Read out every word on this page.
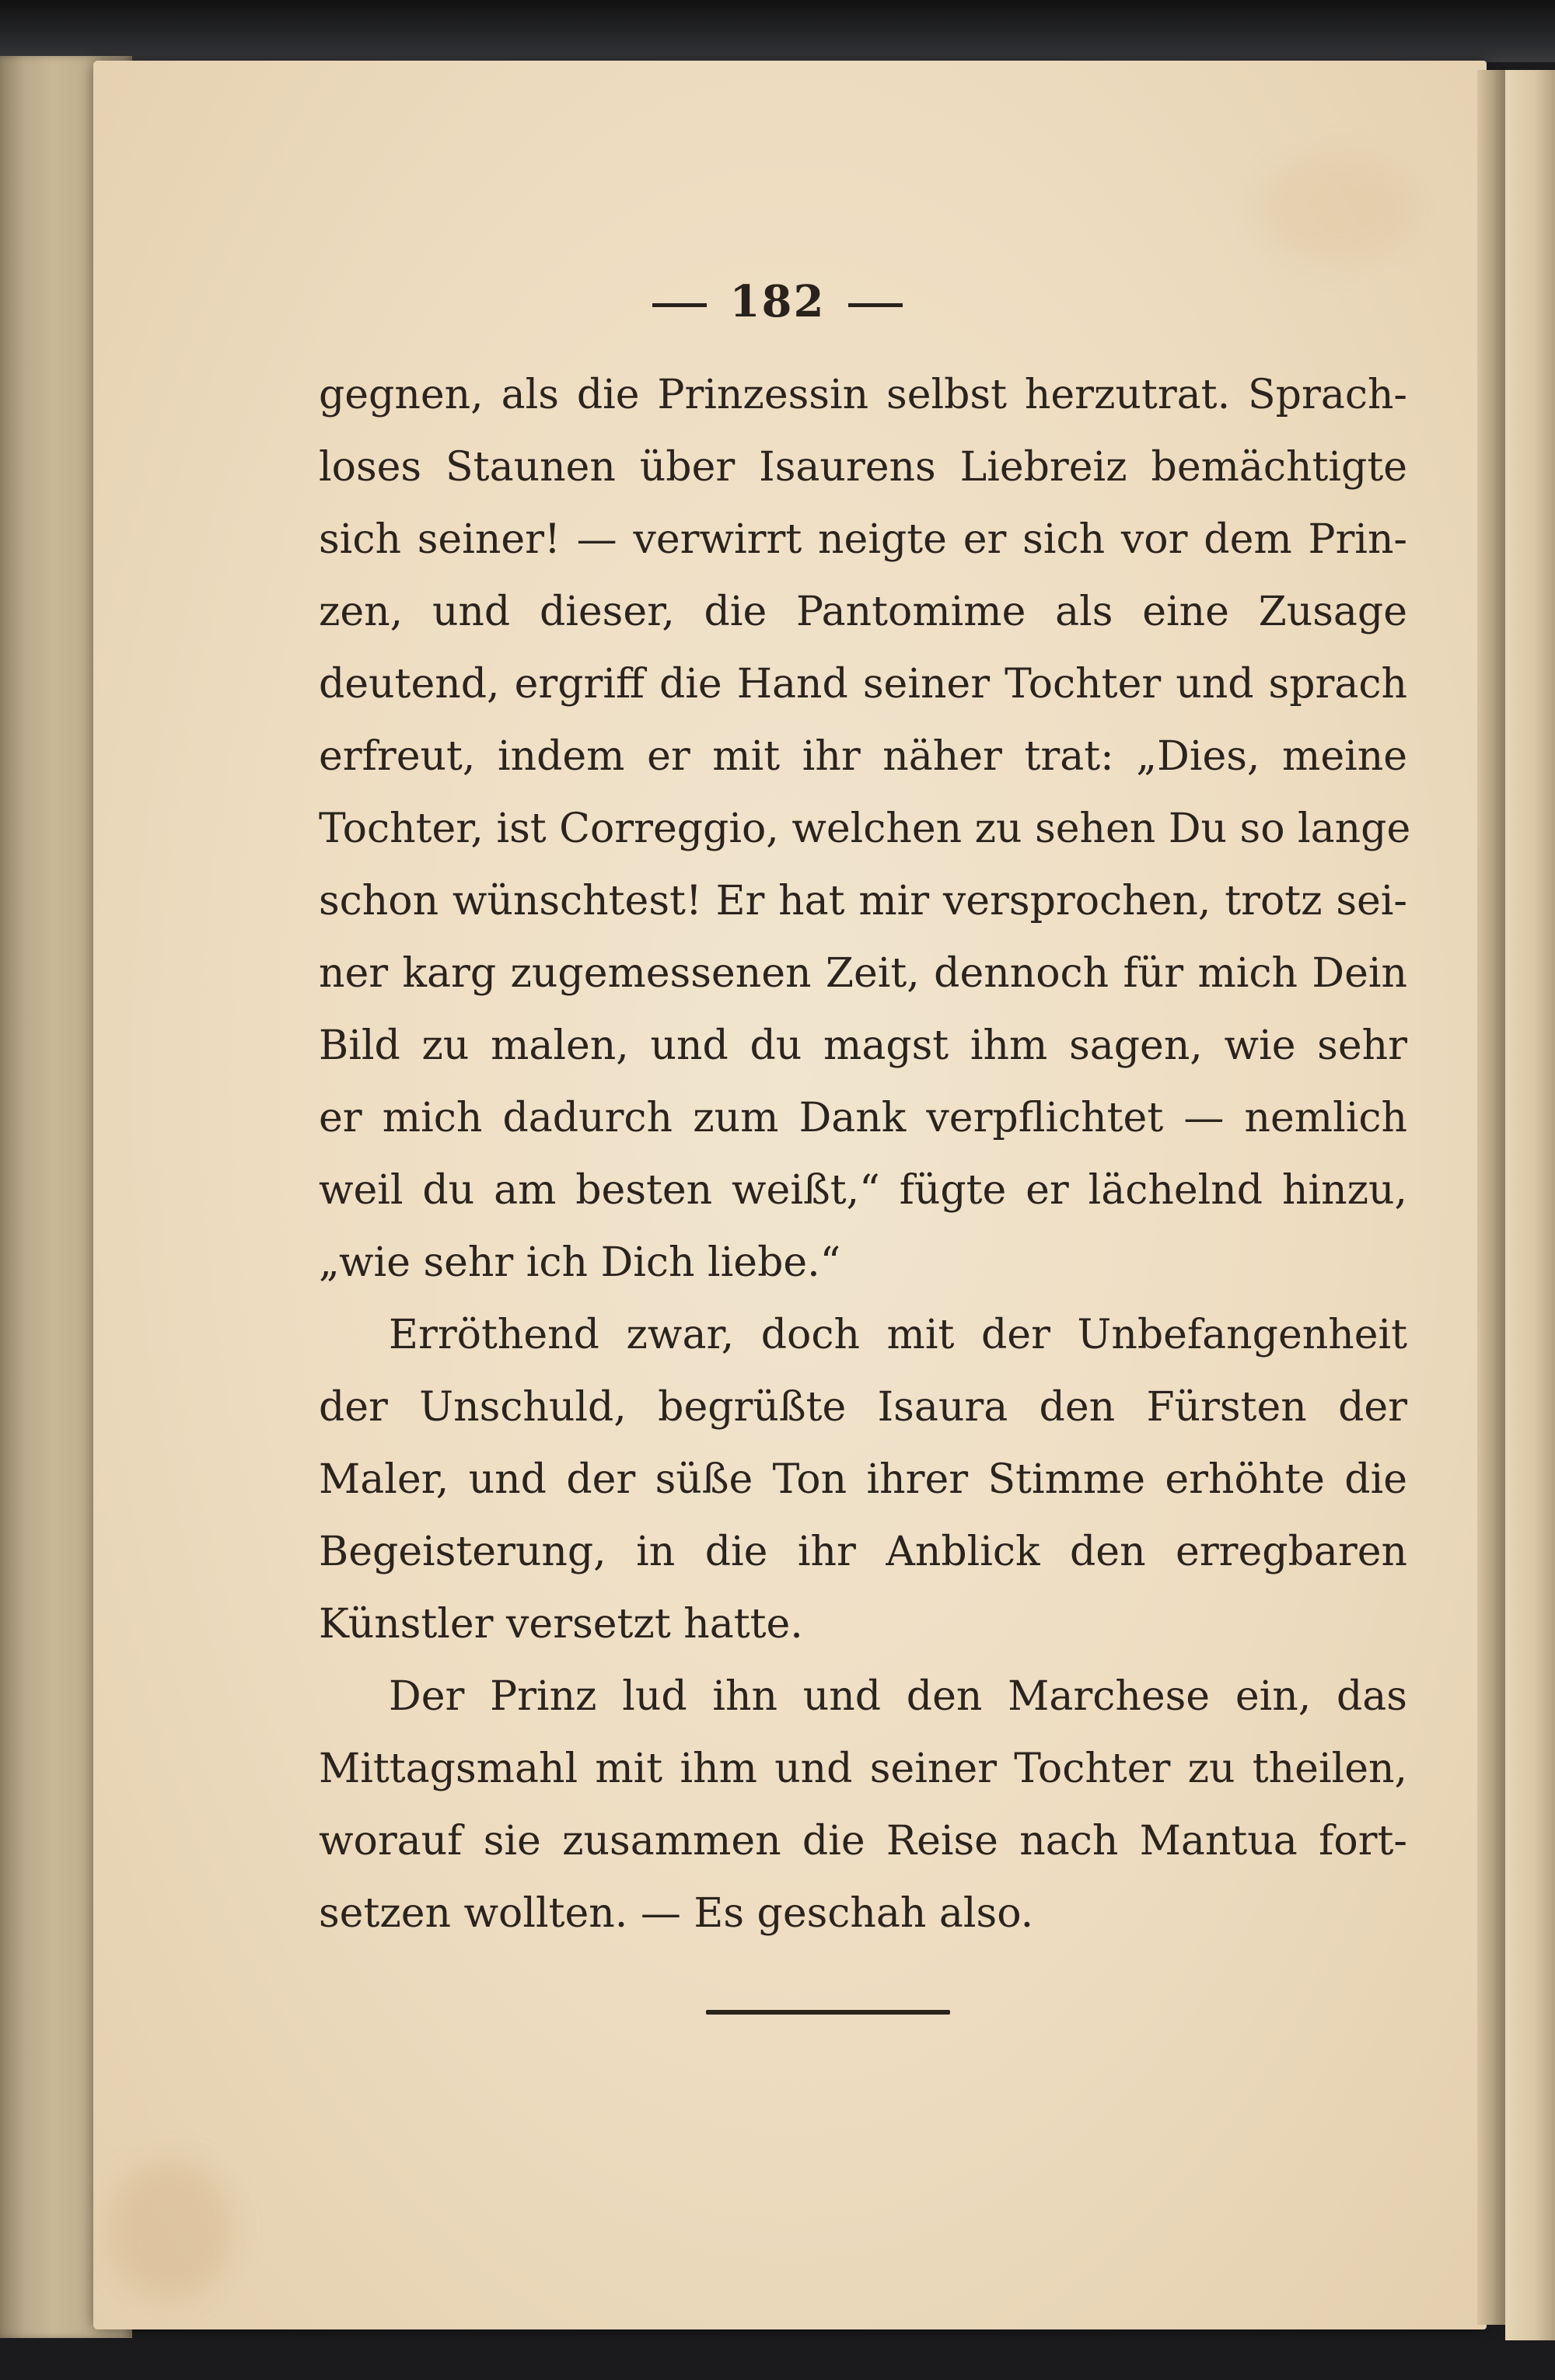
182
gegnen, als die Prinzessin selbst herzutrat. Sprach-
loses Staunen über Isaurens Liebreiz bemächtigte
sich seiner! — verwirrt neigte er sich vor dem Prin-
zen, und dieser, die Pantomime als eine Zusage
deutend, ergriff die Hand seiner Tochter und sprach
erfreut, indem er mit ihr näher trat: „Dies, meine
Tochter, ist Correggio, welchen zu sehen Du so lange
schon wünschtest! Er hat mir versprochen, trotz sei-
ner karg zugemessenen Zeit, dennoch für mich Dein
Bild zu malen, und du magst ihm sagen, wie sehr
er mich dadurch zum Dank verpflichtet — nemlich
weil du am besten weißt,“ fügte er lächelnd hinzu,
„wie sehr ich Dich liebe.“
Erröthend zwar, doch mit der Unbefangenheit
der Unschuld, begrüßte Isaura den Fürsten der
Maler, und der süße Ton ihrer Stimme erhöhte die
Begeisterung, in die ihr Anblick den erregbaren
Künstler versetzt hatte.
Der Prinz lud ihn und den Marchese ein, das
Mittagsmahl mit ihm und seiner Tochter zu theilen,
worauf sie zusammen die Reise nach Mantua fort-
setzen wollten. — Es geschah also.
